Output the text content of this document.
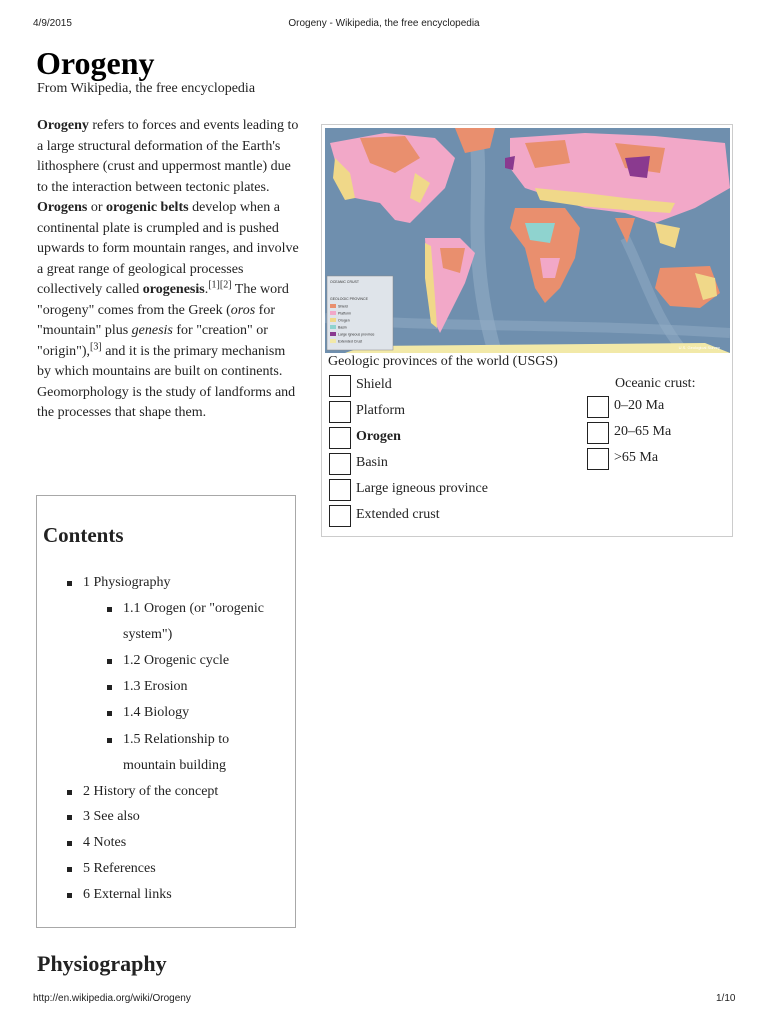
4/9/2015	Orogeny - Wikipedia, the free encyclopedia
Orogeny
From Wikipedia, the free encyclopedia
Orogeny refers to forces and events leading to a large structural deformation of the Earth's lithosphere (crust and uppermost mantle) due to the interaction between tectonic plates. Orogens or orogenic belts develop when a continental plate is crumpled and is pushed upwards to form mountain ranges, and involve a great range of geological processes collectively called orogenesis.[1][2] The word "orogeny" comes from the Greek (oros for "mountain" plus genesis for "creation" or "origin"),[3] and it is the primary mechanism by which mountains are built on continents. Geomorphology is the study of landforms and the processes that shape them.
Contents
1 Physiography
1.1 Orogen (or "orogenic
system")
1.2 Orogenic cycle
1.3 Erosion
1.4 Biology
1.5 Relationship to
mountain building
2 History of the concept
3 See also
4 Notes
5 References
6 External links
Physiography
OCEANIC CRUST
GEOLOGIC PROVINCE
Shield
Platform
Orogen
Basin
Large igneous province
Extended Crust
U.S. Geological Survey
Geologic provinces of the world (USGS)
Shield
Platform
Orogen
Basin
Large igneous province
Extended crust
Oceanic crust:
0–20 Ma
20–65 Ma
>65 Ma
http://en.wikipedia.org/wiki/Orogeny	1/10
